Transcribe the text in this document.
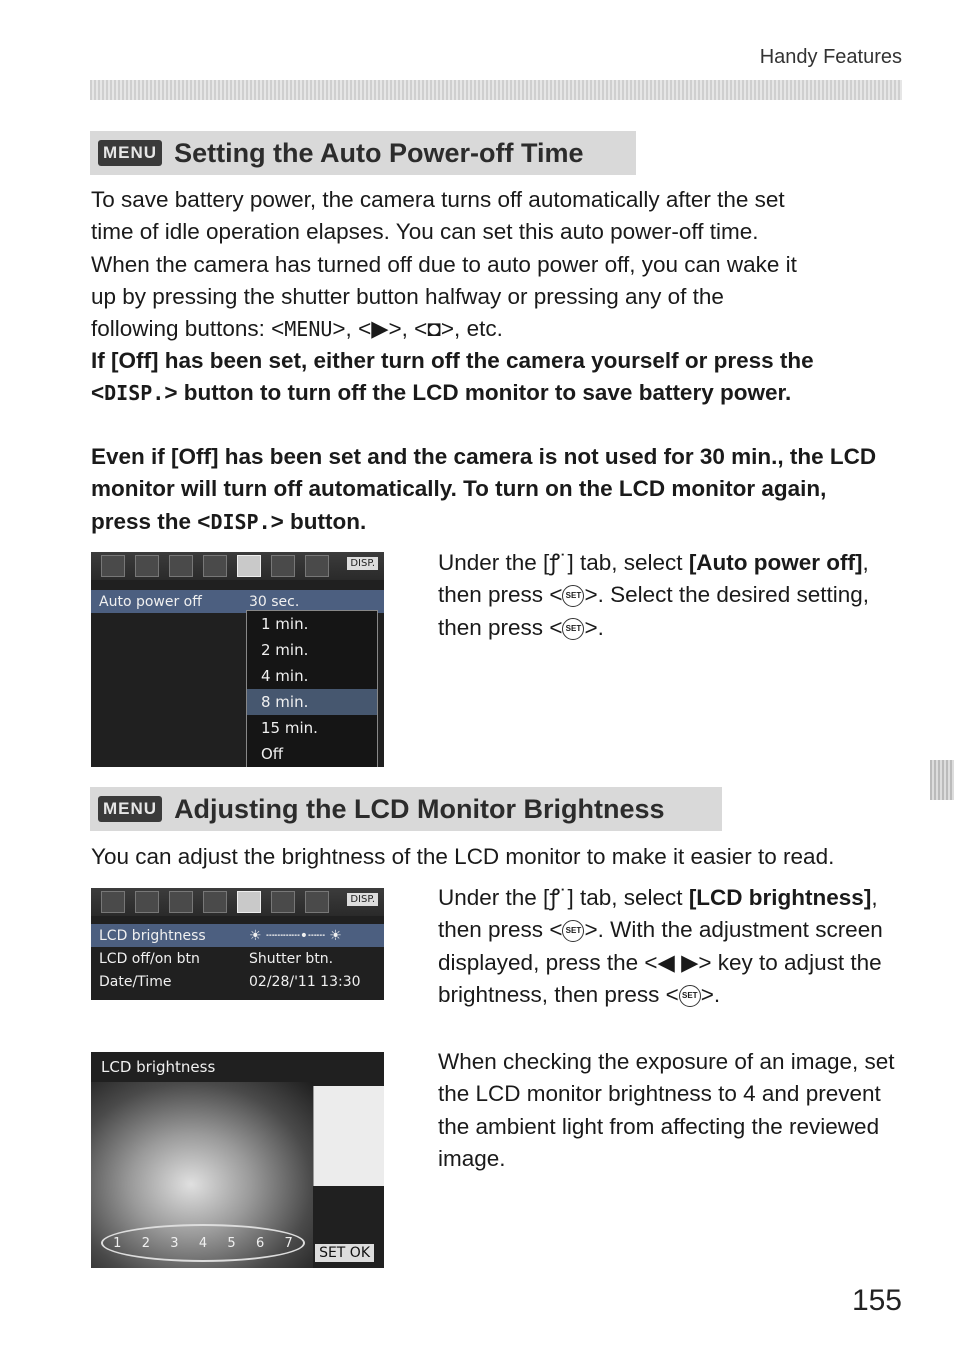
Handy Features
MENU Setting the Auto Power-off Time
To save battery power, the camera turns off automatically after the set
time of idle operation elapses. You can set this auto power-off time.
When the camera has turned off due to auto power off, you can wake it
up by pressing the shutter button halfway or pressing any of the
following buttons: <MENU>, <▶>, <◘>, etc.
If [Off] has been set, either turn off the camera yourself or press the <DISP.> button to turn off the LCD monitor to save battery power.
Even if [Off] has been set and the camera is not used for 30 min., the LCD monitor will turn off automatically. To turn on the LCD monitor again, press the <DISP.> button.
DISP.
Auto power off	30 sec.
1 min.
2 min.
4 min.
8 min.
15 min.
Off
Under the [ꝭ˙] tab, select [Auto power off], then press < SET >. Select the desired setting, then press < SET >.
MENU Adjusting the LCD Monitor Brightness
You can adjust the brightness of the LCD monitor to make it easier to read.
DISP.
LCD brightness	☀ ┄┄┄┄•┄┄ ☀
LCD off/on btn	Shutter btn.
Date/Time	02/28/'11 13:30
LCD brightness
1 2 3 4 5 6 7
SET OK
Under the [ꝭ˙] tab, select [LCD brightness], then press < SET >. With the adjustment screen displayed, press the <◀ ▶> key to adjust the brightness, then press < SET >.
When checking the exposure of an image, set the LCD monitor brightness to 4 and prevent the ambient light from affecting the reviewed image.
155
